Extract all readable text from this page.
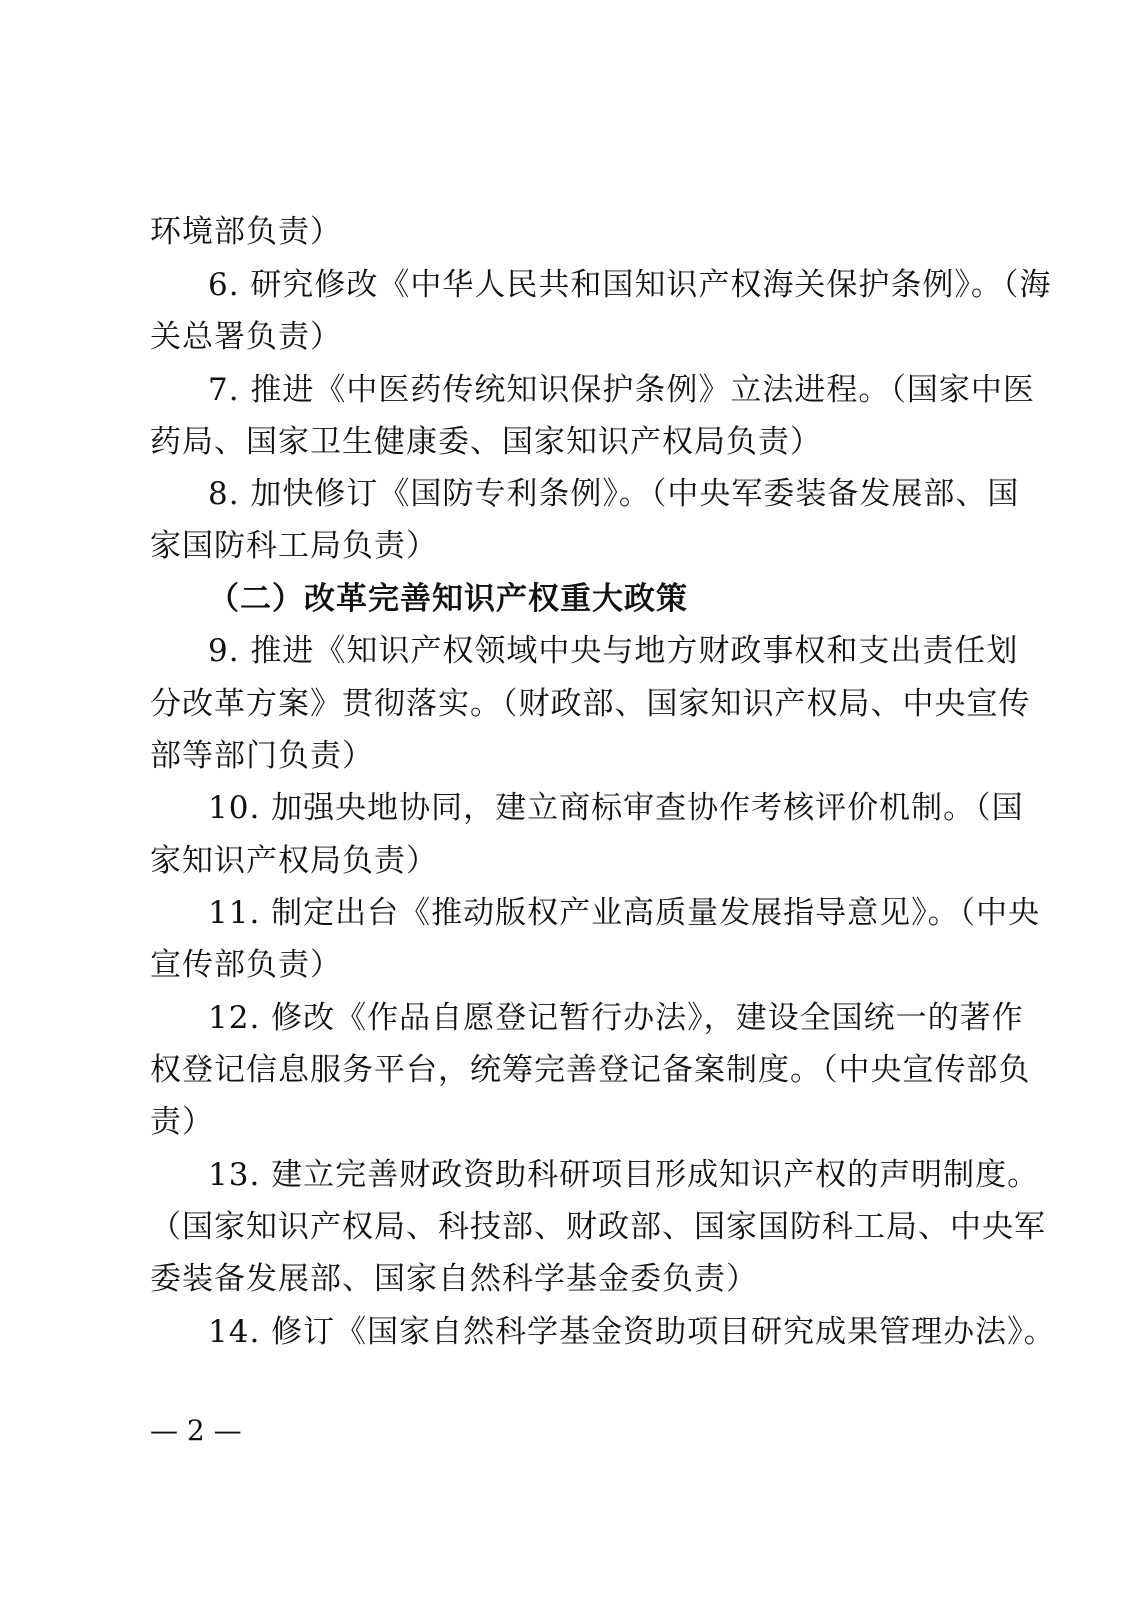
环境部负责）
6. 研究修改《中华人民共和国知识产权海关保护条例》。（海
关总署负责）
7. 推进《中医药传统知识保护条例》立法进程。（国家中医
药局、国家卫生健康委、国家知识产权局负责）
8. 加快修订《国防专利条例》。（中央军委装备发展部、国
家国防科工局负责）
（二）改革完善知识产权重大政策
9. 推进《知识产权领域中央与地方财政事权和支出责任划
分改革方案》贯彻落实。（财政部、国家知识产权局、中央宣传
部等部门负责）
10. 加强央地协同，建立商标审查协作考核评价机制。（国
家知识产权局负责）
11. 制定出台《推动版权产业高质量发展指导意见》。（中央
宣传部负责）
12. 修改《作品自愿登记暂行办法》，建设全国统一的著作
权登记信息服务平台，统筹完善登记备案制度。（中央宣传部负
责）
13. 建立完善财政资助科研项目形成知识产权的声明制度。
（国家知识产权局、科技部、财政部、国家国防科工局、中央军
委装备发展部、国家自然科学基金委负责）
14. 修订《国家自然科学基金资助项目研究成果管理办法》。
— 2 —
